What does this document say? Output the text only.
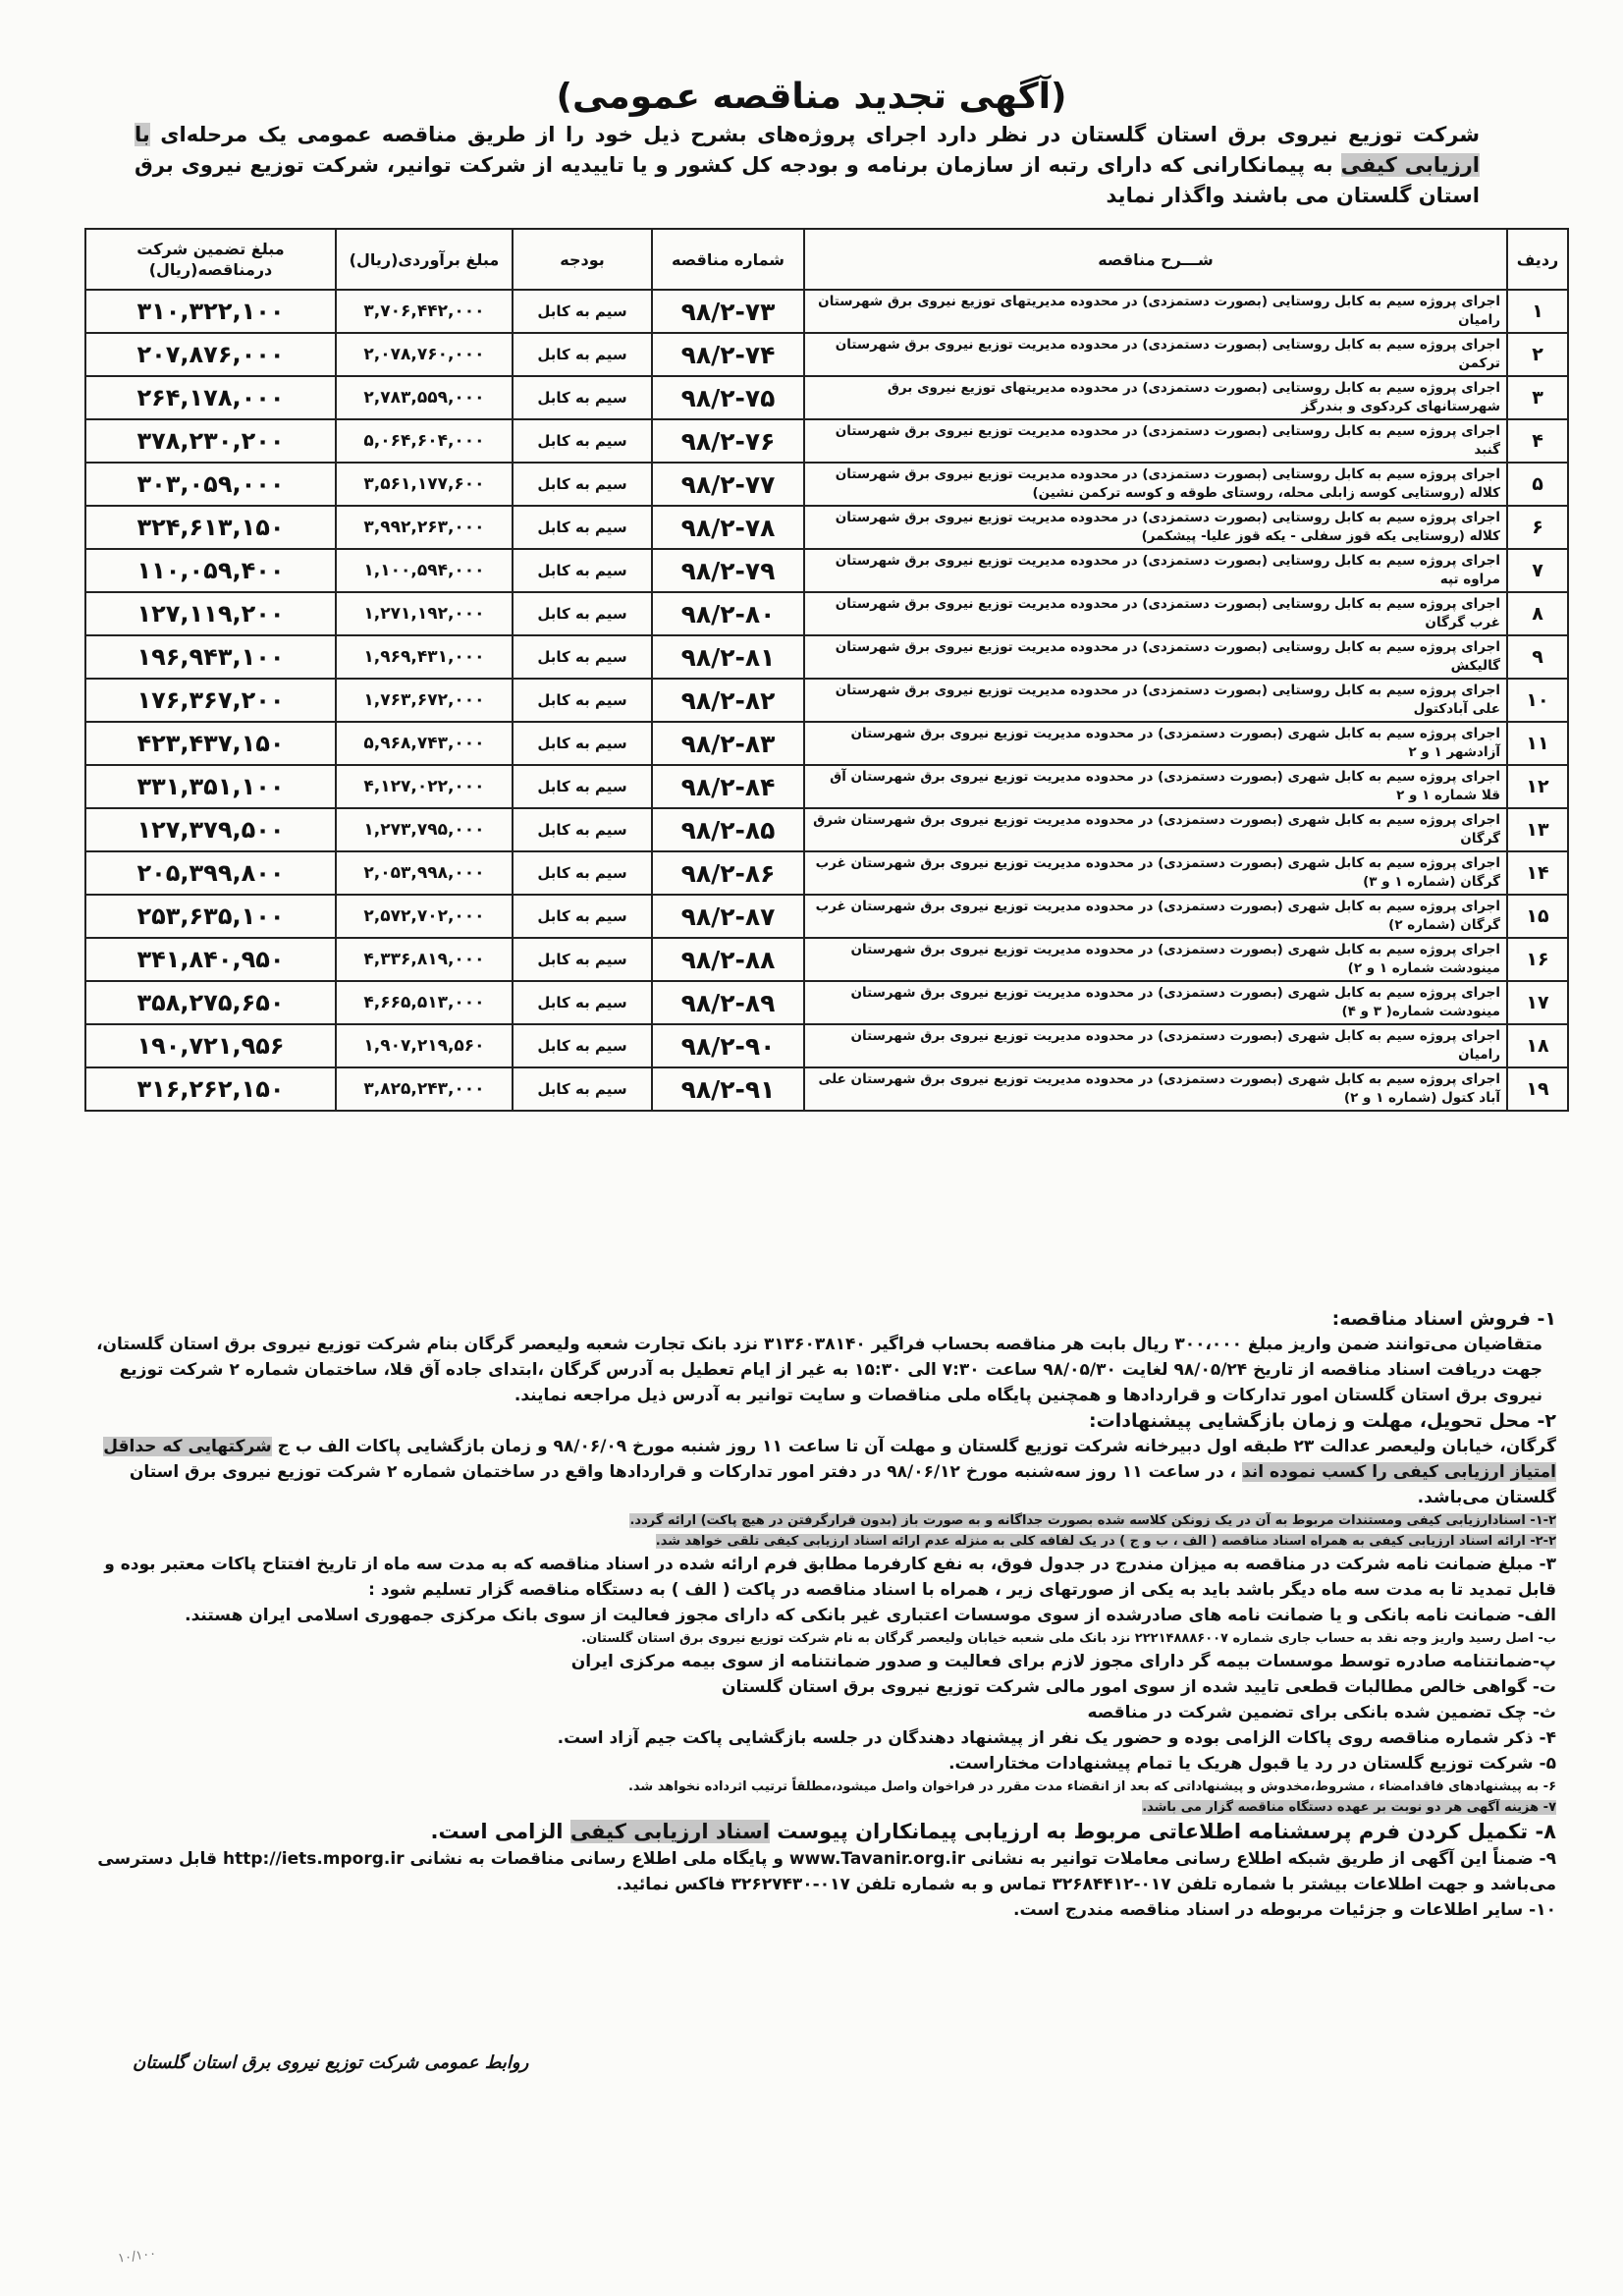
(آگهی تجدید مناقصه عمومی)
شرکت توزیع نیروی برق استان گلستان در نظر دارد اجرای پروژه‌های بشرح ذیل خود را از طریق مناقصه عمومی یک مرحله‌ای با ارزیابی کیفی به پیمانکارانی که دارای رتبه از سازمان برنامه و بودجه کل کشور و یا تاییدیه از شرکت توانیر، شرکت توزیع نیروی برق استان گلستان می باشند واگذار نماید
ردیف	شـــرح مناقصه	شماره مناقصه	بودجه	مبلغ برآوردی(ریال)	مبلغ تضمین شرکت درمناقصه(ریال)
۱	اجرای پروژه سیم به کابل روستایی (بصورت دستمزدی) در محدوده مدیریتهای توزیع نیروی برق شهرستان رامیان	۹۸/۲-۷۳	سیم به کابل	۳,۷۰۶,۴۴۲,۰۰۰	۳۱۰,۳۲۲,۱۰۰
۲	اجرای پروژه سیم به کابل روستایی (بصورت دستمزدی) در محدوده مدیریت توزیع نیروی برق شهرستان ترکمن	۹۸/۲-۷۴	سیم به کابل	۲,۰۷۸,۷۶۰,۰۰۰	۲۰۷,۸۷۶,۰۰۰
۳	اجرای پروژه سیم به کابل روستایی (بصورت دستمزدی) در محدوده مدیریتهای توزیع نیروی برق شهرستانهای کردکوی و بندرگز	۹۸/۲-۷۵	سیم به کابل	۲,۷۸۳,۵۵۹,۰۰۰	۲۶۴,۱۷۸,۰۰۰
۴	اجرای پروژه سیم به کابل روستایی (بصورت دستمزدی) در محدوده مدیریت توزیع نیروی برق شهرستان گنبد	۹۸/۲-۷۶	سیم به کابل	۵,۰۶۴,۶۰۴,۰۰۰	۳۷۸,۲۳۰,۲۰۰
۵	اجرای پروژه سیم به کابل روستایی (بصورت دستمزدی) در محدوده مدیریت توزیع نیروی برق شهرستان کلاله (روستایی کوسه زابلی محله، روستای طوقه و کوسه ترکمن نشین)	۹۸/۲-۷۷	سیم به کابل	۳,۵۶۱,۱۷۷,۶۰۰	۳۰۳,۰۵۹,۰۰۰
۶	اجرای پروژه سیم به کابل روستایی (بصورت دستمزدی) در محدوده مدیریت توزیع نیروی برق شهرستان کلاله (روستایی یکه قوز سفلی - یکه قوز علیا- پیشکمر)	۹۸/۲-۷۸	سیم به کابل	۳,۹۹۲,۲۶۳,۰۰۰	۳۲۴,۶۱۳,۱۵۰
۷	اجرای پروژه سیم به کابل روستایی (بصورت دستمزدی) در محدوده مدیریت توزیع نیروی برق شهرستان مراوه تپه	۹۸/۲-۷۹	سیم به کابل	۱,۱۰۰,۵۹۴,۰۰۰	۱۱۰,۰۵۹,۴۰۰
۸	اجرای پروژه سیم به کابل روستایی (بصورت دستمزدی) در محدوده مدیریت توزیع نیروی برق شهرستان غرب گرگان	۹۸/۲-۸۰	سیم به کابل	۱,۲۷۱,۱۹۲,۰۰۰	۱۲۷,۱۱۹,۲۰۰
۹	اجرای پروژه سیم به کابل روستایی (بصورت دستمزدی) در محدوده مدیریت توزیع نیروی برق شهرستان گالیکش	۹۸/۲-۸۱	سیم به کابل	۱,۹۶۹,۴۳۱,۰۰۰	۱۹۶,۹۴۳,۱۰۰
۱۰	اجرای پروژه سیم به کابل روستایی (بصورت دستمزدی) در محدوده مدیریت توزیع نیروی برق شهرستان علی آبادکتول	۹۸/۲-۸۲	سیم به کابل	۱,۷۶۳,۶۷۲,۰۰۰	۱۷۶,۳۶۷,۲۰۰
۱۱	اجرای پروژه سیم به کابل شهری (بصورت دستمزدی) در محدوده مدیریت توزیع نیروی برق شهرستان آزادشهر ۱ و ۲	۹۸/۲-۸۳	سیم به کابل	۵,۹۶۸,۷۴۳,۰۰۰	۴۲۳,۴۳۷,۱۵۰
۱۲	اجرای پروژه سیم به کابل شهری (بصورت دستمزدی) در محدوده مدیریت توزیع نیروی برق شهرستان آق قلا شماره ۱ و ۲	۹۸/۲-۸۴	سیم به کابل	۴,۱۲۷,۰۲۲,۰۰۰	۳۳۱,۳۵۱,۱۰۰
۱۳	اجرای پروژه سیم به کابل شهری (بصورت دستمزدی) در محدوده مدیریت توزیع نیروی برق شهرستان شرق گرگان	۹۸/۲-۸۵	سیم به کابل	۱,۲۷۳,۷۹۵,۰۰۰	۱۲۷,۳۷۹,۵۰۰
۱۴	اجرای پروژه سیم به کابل شهری (بصورت دستمزدی) در محدوده مدیریت توزیع نیروی برق شهرستان غرب گرگان (شماره ۱ و ۳)	۹۸/۲-۸۶	سیم به کابل	۲,۰۵۳,۹۹۸,۰۰۰	۲۰۵,۳۹۹,۸۰۰
۱۵	اجرای پروژه سیم به کابل شهری (بصورت دستمزدی) در محدوده مدیریت توزیع نیروی برق شهرستان غرب گرگان (شماره ۲)	۹۸/۲-۸۷	سیم به کابل	۲,۵۷۲,۷۰۲,۰۰۰	۲۵۳,۶۳۵,۱۰۰
۱۶	اجرای پروژه سیم به کابل شهری (بصورت دستمزدی) در محدوده مدیریت توزیع نیروی برق شهرستان مینودشت شماره ۱ و ۲)	۹۸/۲-۸۸	سیم به کابل	۴,۳۳۶,۸۱۹,۰۰۰	۳۴۱,۸۴۰,۹۵۰
۱۷	اجرای پروژه سیم به کابل شهری (بصورت دستمزدی) در محدوده مدیریت توزیع نیروی برق شهرستان مینودشت شماره( ۳ و ۴)	۹۸/۲-۸۹	سیم به کابل	۴,۶۶۵,۵۱۳,۰۰۰	۳۵۸,۲۷۵,۶۵۰
۱۸	اجرای پروژه سیم به کابل شهری (بصورت دستمزدی) در محدوده مدیریت توزیع نیروی برق شهرستان رامیان	۹۸/۲-۹۰	سیم به کابل	۱,۹۰۷,۲۱۹,۵۶۰	۱۹۰,۷۲۱,۹۵۶
۱۹	اجرای پروژه سیم به کابل شهری (بصورت دستمزدی) در محدوده مدیریت توزیع نیروی برق شهرستان علی آباد کتول (شماره ۱ و ۲)	۹۸/۲-۹۱	سیم به کابل	۳,۸۲۵,۲۴۳,۰۰۰	۳۱۶,۲۶۲,۱۵۰

۱- فروش اسناد مناقصه:

متقاضیان می‌توانند ضمن واریز مبلغ ۳۰۰،۰۰۰ ریال بابت هر مناقصه بحساب فراگیر ۳۱۳۶۰۳۸۱۴۰ نزد بانک تجارت شعبه ولیعصر گرگان بنام شرکت توزیع نیروی برق استان گلستان، جهت دریافت اسناد مناقصه از تاریخ ۹۸/۰۵/۲۴ لغایت ۹۸/۰۵/۳۰ ساعت ۷:۳۰ الی ۱۵:۳۰ به غیر از ایام تعطیل به آدرس گرگان ،ابتدای جاده آق قلا، ساختمان شماره ۲ شرکت توزیع نیروی برق استان گلستان امور تدارکات و قراردادها و همچنین پایگاه ملی مناقصات و سایت توانیر به آدرس ذیل مراجعه نمایند.

۲- محل تحویل، مهلت و زمان بازگشایی پیشنهادات:

گرگان، خیابان ولیعصر عدالت ۲۳ طبقه اول دبیرخانه شرکت توزیع گلستان و مهلت آن تا ساعت ۱۱ روز شنبه مورخ ۹۸/۰۶/۰۹ و زمان بازگشایی پاکات الف ب ج شرکتهایی که حداقل امتیاز ارزیابی کیفی را کسب نموده اند ، در ساعت ۱۱ روز سه‌شنبه مورخ ۹۸/۰۶/۱۲ در دفتر امور تدارکات و قراردادها واقع در ساختمان شماره ۲ شرکت توزیع نیروی برق استان گلستان می‌باشد.

۱-۲- اسنادارزیابی کیفی ومستندات مربوط به آن در یک زونکن کلاسه شده بصورت جداگانه و به صورت باز (بدون قرارگرفتن در هیچ پاکت) ارائه گردد.

۲-۲- ارائه اسناد ارزیابی کیفی به همراه اسناد مناقصه ( الف ، ب و ج ) در یک لفافه کلی به منزله عدم ارائه اسناد ارزیابی کیفی تلقی خواهد شد.

۳- مبلغ ضمانت نامه شرکت در مناقصه به میزان مندرج در جدول فوق، به نفع کارفرما مطابق فرم ارائه شده در اسناد مناقصه که به مدت سه ماه از تاریخ افتتاح پاکات معتبر بوده و قابل تمدید تا به مدت سه ماه دیگر باشد باید به یکی از صورتهای زیر ، همراه با اسناد مناقصه در پاکت ( الف ) به دستگاه مناقصه گزار تسلیم شود :

الف- ضمانت نامه بانکی و یا ضمانت نامه های صادرشده از سوی موسسات اعتباری غیر بانکی که دارای مجوز فعالیت از سوی بانک مرکزی جمهوری اسلامی ایران هستند.

ب- اصل رسید واریز وجه نقد به حساب جاری شماره ۲۲۲۱۴۸۸۸۶۰۰۷ نزد بانک ملی شعبه خیابان ولیعصر گرگان به نام شرکت توزیع نیروی برق استان گلستان.

پ-ضمانتنامه صادره توسط موسسات بیمه گر دارای مجوز لازم برای فعالیت و صدور ضمانتنامه از سوی بیمه مرکزی ایران

ت- گواهی خالص مطالبات قطعی تایید شده از سوی امور مالی شرکت توزیع نیروی برق استان گلستان

ث- چک تضمین شده بانکی برای تضمین شرکت در مناقصه

۴- ذکر شماره مناقصه روی پاکات الزامی بوده و حضور یک نفر از پیشنهاد دهندگان در جلسه بازگشایی پاکت جیم آزاد است.

۵- شرکت توزیع گلستان در رد یا قبول هریک یا تمام پیشنهادات مختاراست.

۶- به پیشنهادهای فاقدامضاء ، مشروط،مخدوش و پیشنهاداتی که بعد از انقضاء مدت مقرر در فراخوان واصل میشود،مطلقاً ترتیب اثرداده نخواهد شد.

۷- هزینه آگهی هر دو نوبت بر عهده دستگاه مناقصه گزار می باشد.

۸- تکمیل کردن فرم پرسشنامه اطلاعاتی مربوط به ارزیابی پیمانکاران پیوست اسناد ارزیابی کیفی الزامی است.

۹- ضمناً این آگهی از طریق شبکه اطلاع رسانی معاملات توانیر به نشانی www.Tavanir.org.ir و پایگاه ملی اطلاع رسانی مناقصات به نشانی http://iets.mporg.ir قابل دسترسی می‌باشد و جهت اطلاعات بیشتر با شماره تلفن ۰۱۷-۳۲۶۸۴۴۱۲ تماس و به شماره تلفن ۰۱۷-۳۲۶۲۷۴۳۰ فاکس نمائید.

۱۰- سایر اطلاعات و جزئیات مربوطه در اسناد مناقصه مندرج است.

روابط عمومی شرکت توزیع نیروی برق استان گلستان
۱۰/۱۰۰
